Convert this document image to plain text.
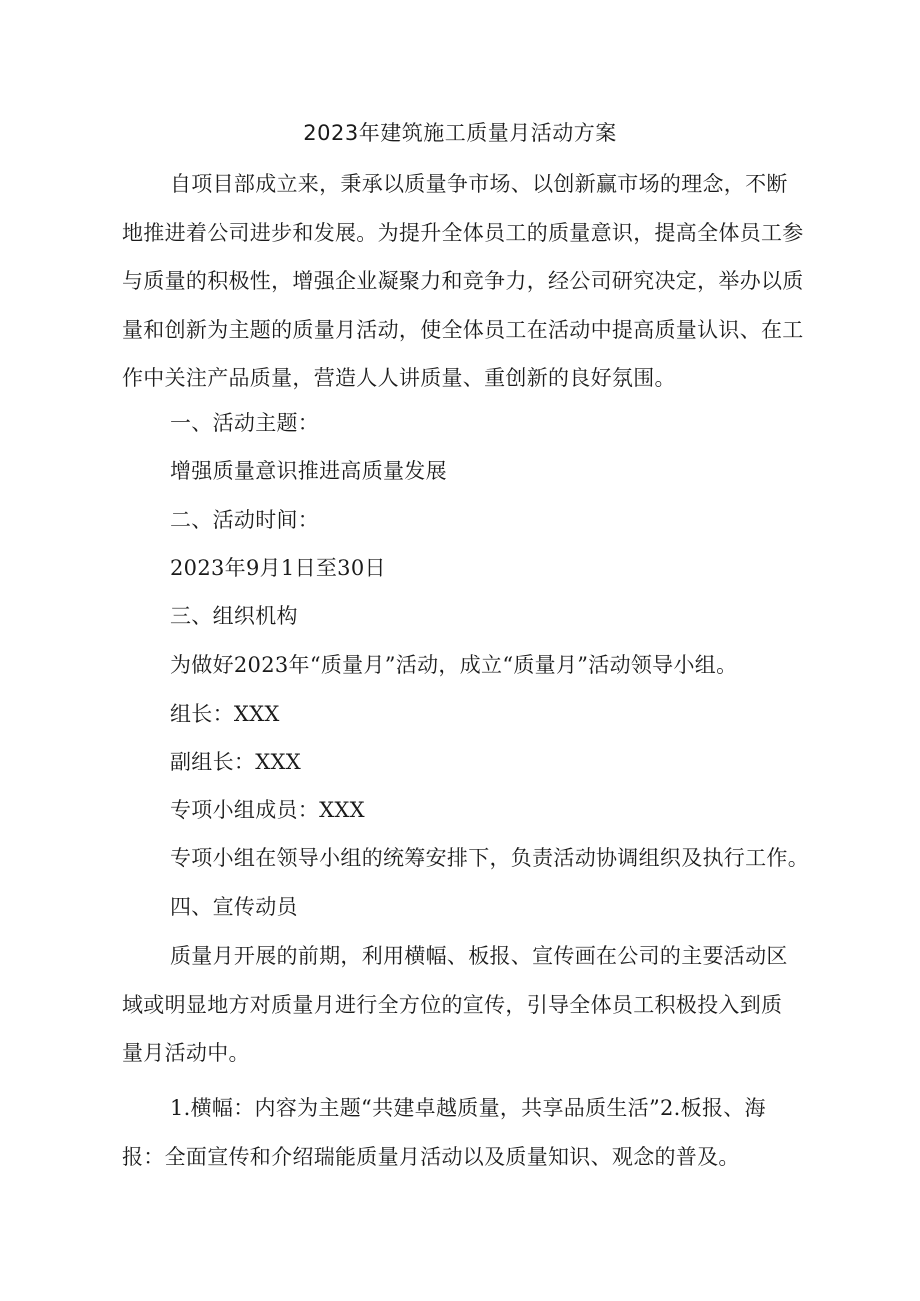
2023年建筑施工质量月活动方案
自项目部成立来，秉承以质量争市场、以创新赢市场的理念，不断
地推进着公司进步和发展。为提升全体员工的质量意识，提高全体员工参
与质量的积极性，增强企业凝聚力和竞争力，经公司研究决定，举办以质
量和创新为主题的质量月活动，使全体员工在活动中提高质量认识、在工
作中关注产品质量，营造人人讲质量、重创新的良好氛围。

一、活动主题：

增强质量意识推进高质量发展

二、活动时间：

2023年9月1日至30日

三、组织机构

为做好2023年“质量月”活动，成立“质量月”活动领导小组。

组长：XXX

副组长：XXX

专项小组成员：XXX

专项小组在领导小组的统筹安排下，负责活动协调组织及执行工作。

四、宣传动员

质量月开展的前期，利用横幅、板报、宣传画在公司的主要活动区
域或明显地方对质量月进行全方位的宣传，引导全体员工积极投入到质
量月活动中。
1.横幅：内容为主题“共建卓越质量，共享品质生活”2.板报、海
报：全面宣传和介绍瑞能质量月活动以及质量知识、观念的普及。
